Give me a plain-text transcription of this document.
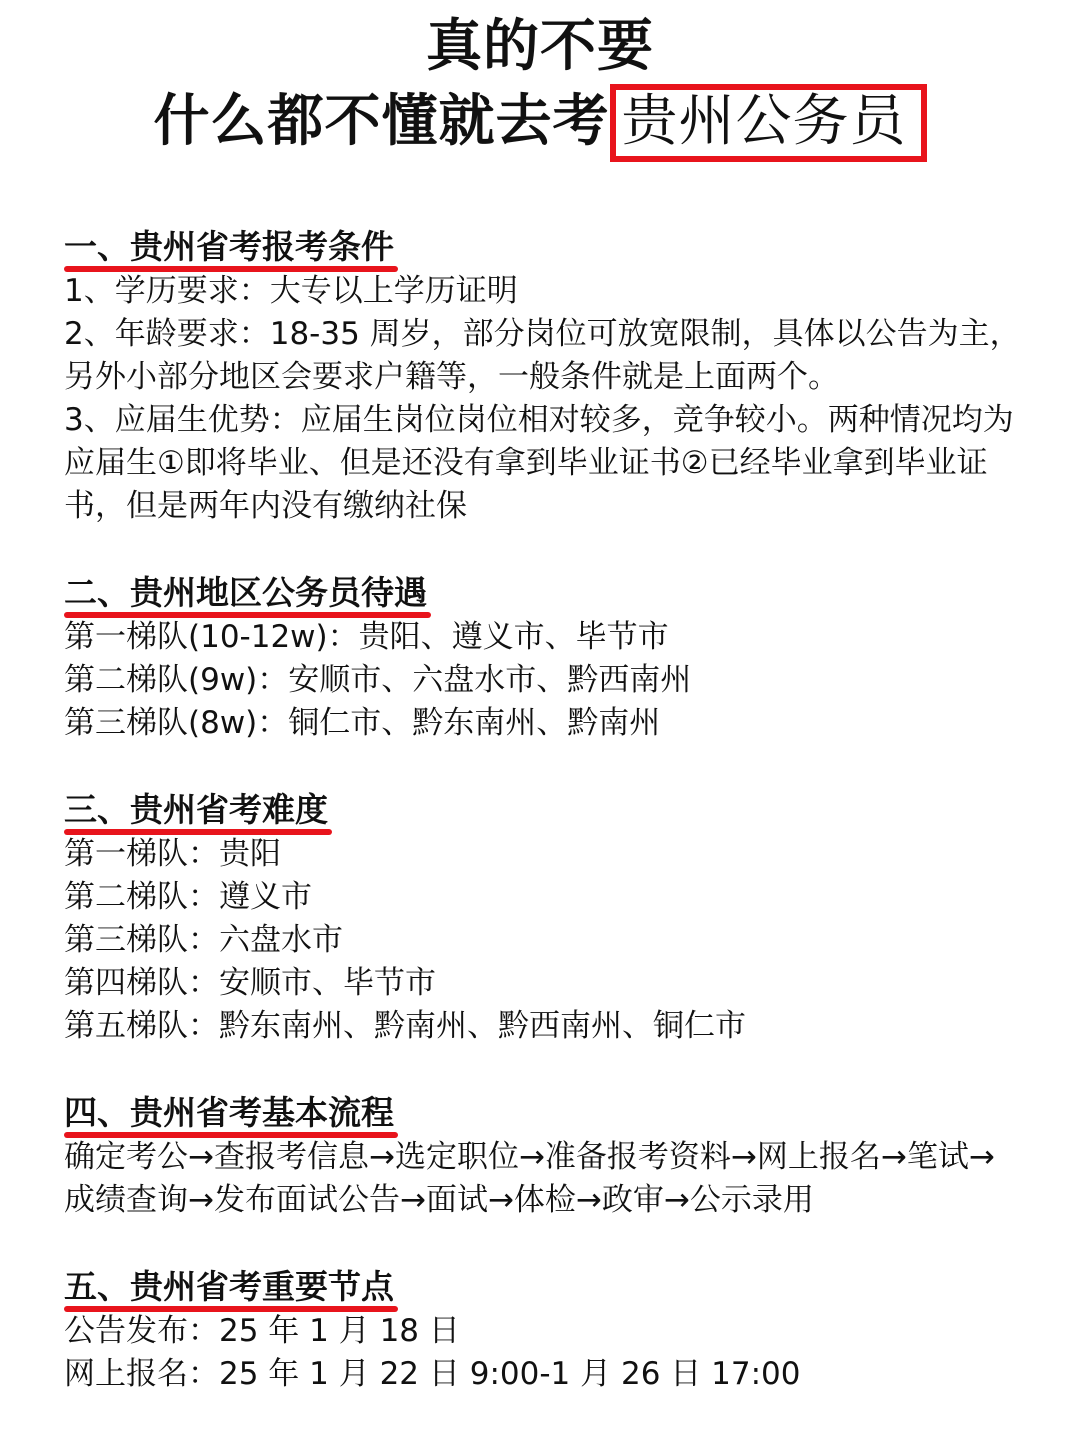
真的不要
什么都不懂就去考 贵州公务员
一、贵州省考报考条件

1、学历要求：大专以上学历证明

2、年龄要求：18-35 周岁，部分岗位可放宽限制，具体以公告为主，另外小部分地区会要求户籍等，一般条件就是上面两个。

3、应届生优势：应届生岗位岗位相对较多，竞争较小。两种情况均为应届生①即将毕业、但是还没有拿到毕业证书②已经毕业拿到毕业证书，但是两年内没有缴纳社保

二、贵州地区公务员待遇

第一梯队(10-12w)：贵阳、遵义市、毕节市

第二梯队(9w)：安顺市、六盘水市、黔西南州

第三梯队(8w)：铜仁市、黔东南州、黔南州

三、贵州省考难度

第一梯队：贵阳

第二梯队：遵义市

第三梯队：六盘水市

第四梯队：安顺市、毕节市

第五梯队：黔东南州、黔南州、黔西南州、铜仁市

四、贵州省考基本流程

确定考公→查报考信息→选定职位→准备报考资料→网上报名→笔试→成绩查询→发布面试公告→面试→体检→政审→公示录用

五、贵州省考重要节点

公告发布：25 年 1 月 18 日

网上报名：25 年 1 月 22 日 9:00-1 月 26 日 17:00
